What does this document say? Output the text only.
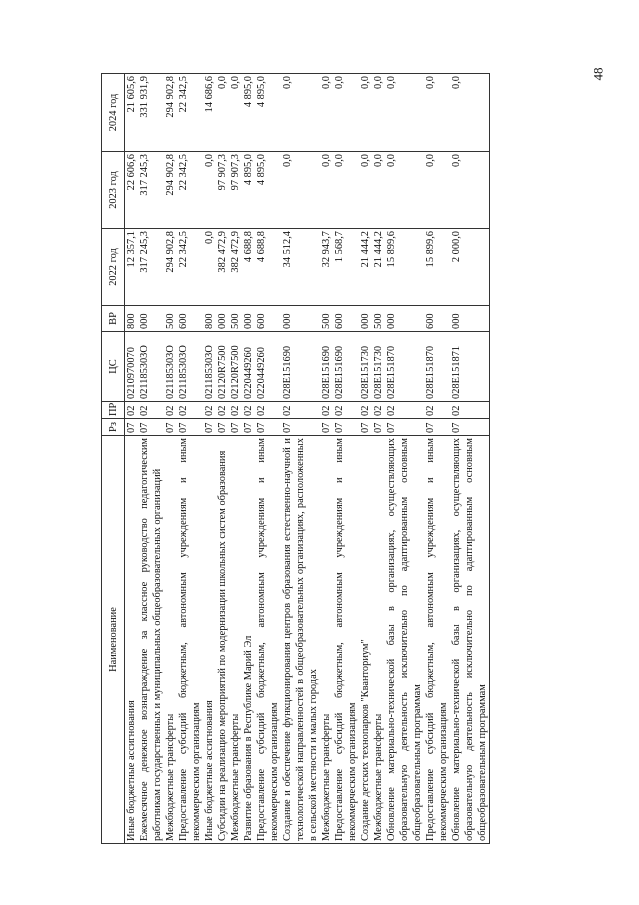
48
Наименование	Рз	ПР	ЦС	ВР	2022 год	2023 год	2024 год
Иные бюджетные ассигнования	07	02	0210970070	800	12 357,1	22 606,6	21 605,6
Ежемесячное денежное вознаграждение за классное руководство педагогическим работникам государственных и муниципальных общеобразовательных организаций	07	02	021185303О	000	317 245,3	317 245,3	331 931,9
Межбюджетные трансферты	07	02	021185303О	500	294 902,8	294 902,8	294 902,8
Предоставление субсидий бюджетным, автономным учреждениям и иным некоммерческим организациям	07	02	021185303О	600	22 342,5	22 342,5	22 342,5
Иные бюджетные ассигнования	07	02	021185303О	800	0,0	0,0	14 686,6
Субсидии на реализацию мероприятий по модернизации школьных систем образования	07	02	02120R7500	000	382 472,9	97 907,3	0,0
Межбюджетные трансферты	07	02	02120R7500	500	382 472,9	97 907,3	0,0
Развитие образования в Республике Марий Эл	07	02	0220449260	000	4 688,8	4 895,0	4 895,0
Предоставление субсидий бюджетным, автономным учреждениям и иным некоммерческим организациям	07	02	0220449260	600	4 688,8	4 895,0	4 895,0
Создание и обеспечение функционирования центров образования естественно-научной и технологической направленностей в общеобразовательных организациях, расположенных в сельской местности и малых городах	07	02	028E151690	000	34 512,4	0,0	0,0
Межбюджетные трансферты	07	02	028E151690	500	32 943,7	0,0	0,0
Предоставление субсидий бюджетным, автономным учреждениям и иным некоммерческим организациям	07	02	028E151690	600	1 568,7	0,0	0,0
Создание детских технопарков "Кванториум"	07	02	028E151730	000	21 444,2	0,0	0,0
Межбюджетные трансферты	07	02	028E151730	500	21 444,2	0,0	0,0
Обновление материально-технической базы в организациях, осуществляющих образовательную деятельность исключительно по адаптированным основным общеобразовательным программам	07	02	028E151870	000	15 899,6	0,0	0,0
Предоставление субсидий бюджетным, автономным учреждениям и иным некоммерческим организациям	07	02	028E151870	600	15 899,6	0,0	0,0
Обновление материально-технической базы в организациях, осуществляющих образовательную деятельность исключительно по адаптированным основным общеобразовательным программам	07	02	028E151871	000	2 000,0	0,0	0,0
